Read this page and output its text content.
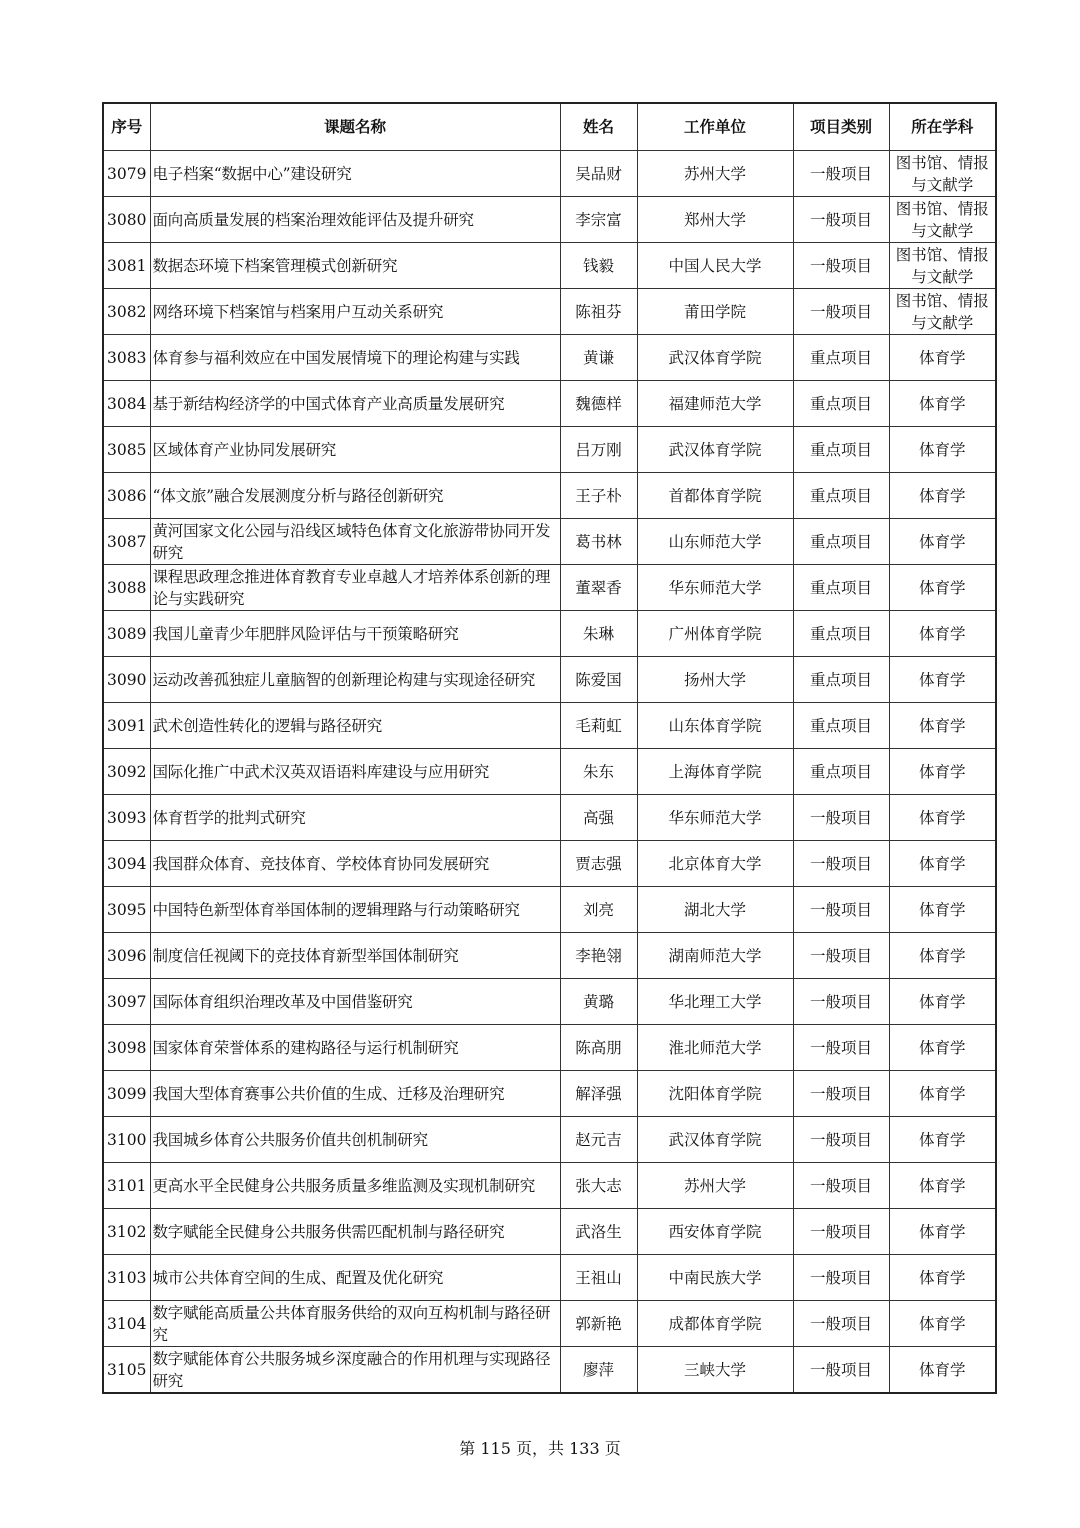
序号	课题名称	姓名	工作单位	项目类别	所在学科
3079	电子档案“数据中心”建设研究	吴品财	苏州大学	一般项目	图书馆、情报与文献学
3080	面向高质量发展的档案治理效能评估及提升研究	李宗富	郑州大学	一般项目	图书馆、情报与文献学
3081	数据态环境下档案管理模式创新研究	钱毅	中国人民大学	一般项目	图书馆、情报与文献学
3082	网络环境下档案馆与档案用户互动关系研究	陈祖芬	莆田学院	一般项目	图书馆、情报与文献学
3083	体育参与福利效应在中国发展情境下的理论构建与实践	黄谦	武汉体育学院	重点项目	体育学
3084	基于新结构经济学的中国式体育产业高质量发展研究	魏德样	福建师范大学	重点项目	体育学
3085	区域体育产业协同发展研究	吕万刚	武汉体育学院	重点项目	体育学
3086	“体文旅”融合发展测度分析与路径创新研究	王子朴	首都体育学院	重点项目	体育学
3087	黄河国家文化公园与沿线区域特色体育文化旅游带协同开发研究	葛书林	山东师范大学	重点项目	体育学
3088	课程思政理念推进体育教育专业卓越人才培养体系创新的理论与实践研究	董翠香	华东师范大学	重点项目	体育学
3089	我国儿童青少年肥胖风险评估与干预策略研究	朱琳	广州体育学院	重点项目	体育学
3090	运动改善孤独症儿童脑智的创新理论构建与实现途径研究	陈爱国	扬州大学	重点项目	体育学
3091	武术创造性转化的逻辑与路径研究	毛莉虹	山东体育学院	重点项目	体育学
3092	国际化推广中武术汉英双语语料库建设与应用研究	朱东	上海体育学院	重点项目	体育学
3093	体育哲学的批判式研究	高强	华东师范大学	一般项目	体育学
3094	我国群众体育、竞技体育、学校体育协同发展研究	贾志强	北京体育大学	一般项目	体育学
3095	中国特色新型体育举国体制的逻辑理路与行动策略研究	刘亮	湖北大学	一般项目	体育学
3096	制度信任视阈下的竞技体育新型举国体制研究	李艳翎	湖南师范大学	一般项目	体育学
3097	国际体育组织治理改革及中国借鉴研究	黄璐	华北理工大学	一般项目	体育学
3098	国家体育荣誉体系的建构路径与运行机制研究	陈高朋	淮北师范大学	一般项目	体育学
3099	我国大型体育赛事公共价值的生成、迁移及治理研究	解泽强	沈阳体育学院	一般项目	体育学
3100	我国城乡体育公共服务价值共创机制研究	赵元吉	武汉体育学院	一般项目	体育学
3101	更高水平全民健身公共服务质量多维监测及实现机制研究	张大志	苏州大学	一般项目	体育学
3102	数字赋能全民健身公共服务供需匹配机制与路径研究	武洛生	西安体育学院	一般项目	体育学
3103	城市公共体育空间的生成、配置及优化研究	王祖山	中南民族大学	一般项目	体育学
3104	数字赋能高质量公共体育服务供给的双向互构机制与路径研究	郭新艳	成都体育学院	一般项目	体育学
3105	数字赋能体育公共服务城乡深度融合的作用机理与实现路径研究	廖萍	三峡大学	一般项目	体育学
第 115 页，共 133 页
